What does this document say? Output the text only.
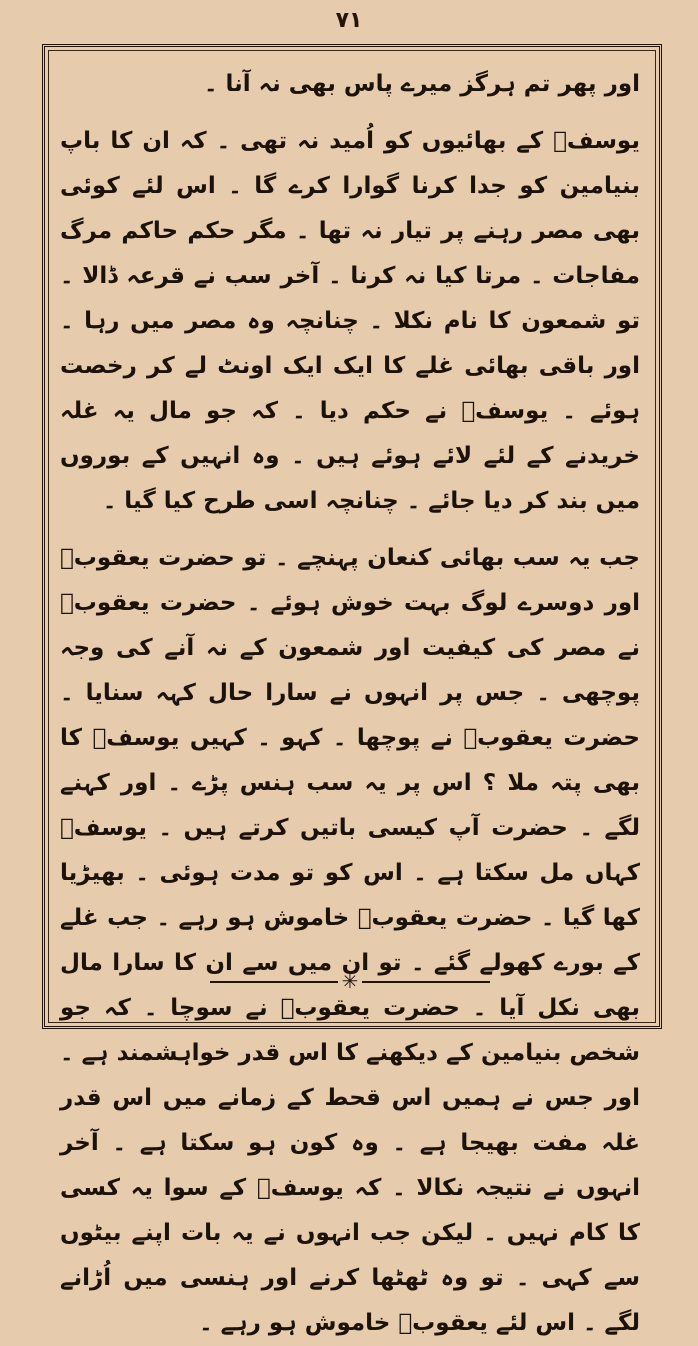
٧١

اور پھر تم ہرگز میرے پاس بھی نہ آنا ۔

یوسفؑ کے بھائیوں کو اُمید نہ تھی ۔ کہ ان کا باپ بنیامین کو جدا کرنا گوارا کرے گا ۔ اس لئے کوئی بھی مصر رہنے پر تیار نہ تھا ۔ مگر حکم حاکم مرگ مفاجات ۔ مرتا کیا نہ کرنا ۔ آخر سب نے قرعہ ڈالا ۔ تو شمعون کا نام نکلا ۔ چنانچہ وہ مصر میں رہا ۔ اور باقی بھائی غلے کا ایک ایک اونٹ لے کر رخصت ہوئے ۔ یوسفؑ نے حکم دیا ۔ کہ جو مال یہ غلہ خریدنے کے لئے لائے ہوئے ہیں ۔ وہ انہیں کے بوروں میں بند کر دیا جائے ۔ چنانچہ اسی طرح کیا گیا ۔

جب یہ سب بھائی کنعان پہنچے ۔ تو حضرت یعقوبؑ اور دوسرے لوگ بہت خوش ہوئے ۔ حضرت یعقوبؑ نے مصر کی کیفیت اور شمعون کے نہ آنے کی وجہ پوچھی ۔ جس پر انہوں نے سارا حال کہہ سنایا ۔ حضرت یعقوبؑ نے پوچھا ۔ کہو ۔ کہیں یوسفؑ کا بھی پتہ ملا ؟ اس پر یہ سب ہنس پڑے ۔ اور کہنے لگے ۔ حضرت آپ کیسی باتیں کرتے ہیں ۔ یوسفؑ کہاں مل سکتا ہے ۔ اس کو تو مدت ہوئی ۔ بھیڑیا کھا گیا ۔ حضرت یعقوبؑ خاموش ہو رہے ۔ جب غلے کے بورے کھولے گئے ۔ تو ان میں سے ان کا سارا مال بھی نکل آیا ۔ حضرت یعقوبؑ نے سوچا ۔ کہ جو شخص بنیامین کے دیکھنے کا اس قدر خواہشمند ہے ۔ اور جس نے ہمیں اس قحط کے زمانے میں اس قدر غلہ مفت بھیجا ہے ۔ وہ کون ہو سکتا ہے ۔ آخر انہوں نے نتیجہ نکالا ۔ کہ یوسفؑ کے سوا یہ کسی کا کام نہیں ۔ لیکن جب انہوں نے یہ بات اپنے بیٹوں سے کہی ۔ تو وہ ٹھٹھا کرنے اور ہنسی میں اُڑانے لگے ۔ اس لئے یعقوبؑ خاموش ہو رہے ۔

✳
